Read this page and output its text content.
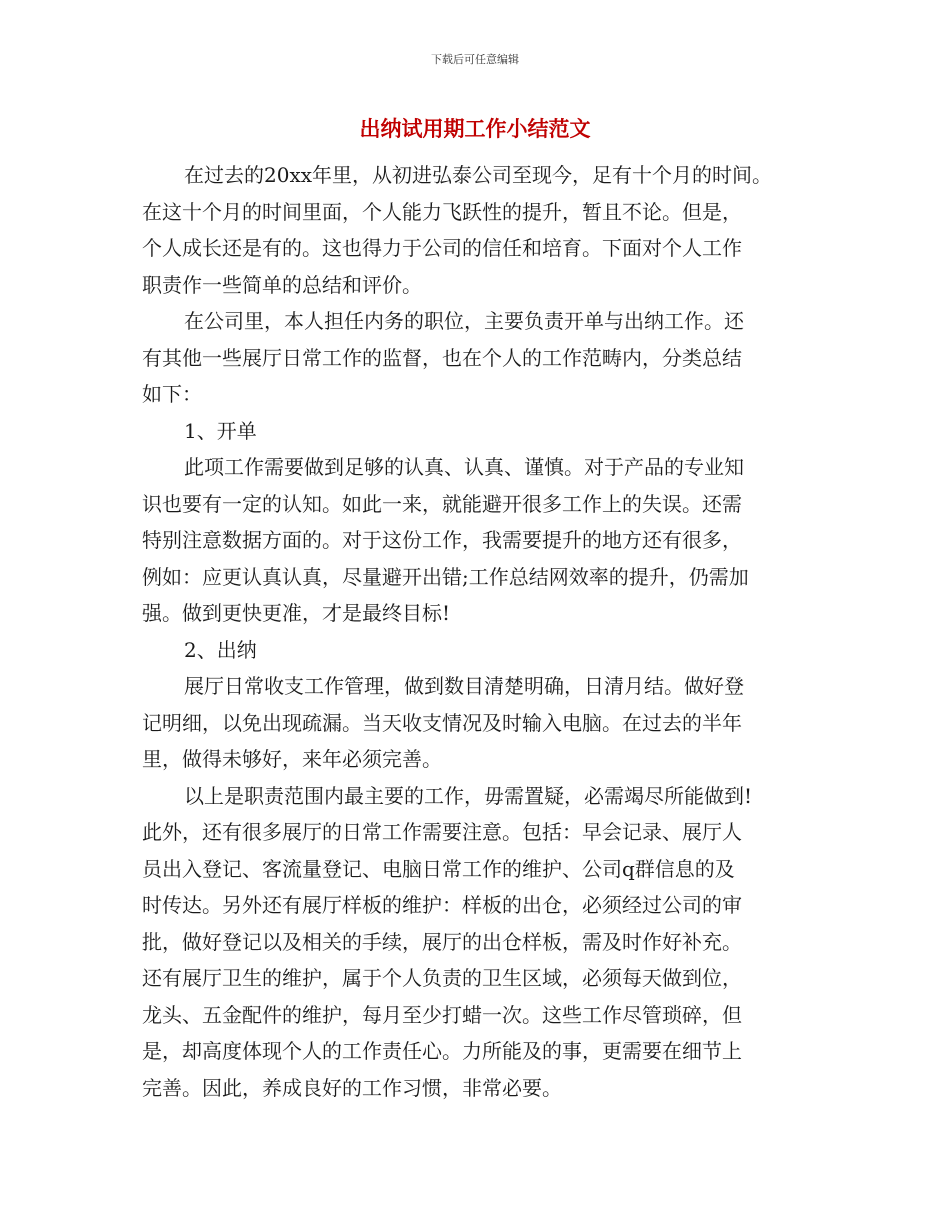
下载后可任意编辑
出纳试用期工作小结范文
在过去的20xx年里，从初进弘泰公司至现今，足有十个月的时间。
在这十个月的时间里面，个人能力飞跃性的提升，暂且不论。但是，
个人成长还是有的。这也得力于公司的信任和培育。下面对个人工作
职责作一些简单的总结和评价。
在公司里，本人担任内务的职位，主要负责开单与出纳工作。还
有其他一些展厅日常工作的监督，也在个人的工作范畴内，分类总结
如下：
1、开单
此项工作需要做到足够的认真、认真、谨慎。对于产品的专业知
识也要有一定的认知。如此一来，就能避开很多工作上的失误。还需
特别注意数据方面的。对于这份工作，我需要提升的地方还有很多，
例如：应更认真认真，尽量避开出错;工作总结网效率的提升，仍需加
强。做到更快更准，才是最终目标!
2、出纳
展厅日常收支工作管理，做到数目清楚明确，日清月结。做好登
记明细，以免出现疏漏。当天收支情况及时输入电脑。在过去的半年
里，做得未够好，来年必须完善。
以上是职责范围内最主要的工作，毋需置疑，必需竭尽所能做到!
此外，还有很多展厅的日常工作需要注意。包括：早会记录、展厅人
员出入登记、客流量登记、电脑日常工作的维护、公司q群信息的及
时传达。另外还有展厅样板的维护：样板的出仓，必须经过公司的审
批，做好登记以及相关的手续，展厅的出仓样板，需及时作好补充。
还有展厅卫生的维护，属于个人负责的卫生区域，必须每天做到位，
龙头、五金配件的维护，每月至少打蜡一次。这些工作尽管琐碎，但
是，却高度体现个人的工作责任心。力所能及的事，更需要在细节上
完善。因此，养成良好的工作习惯，非常必要。
